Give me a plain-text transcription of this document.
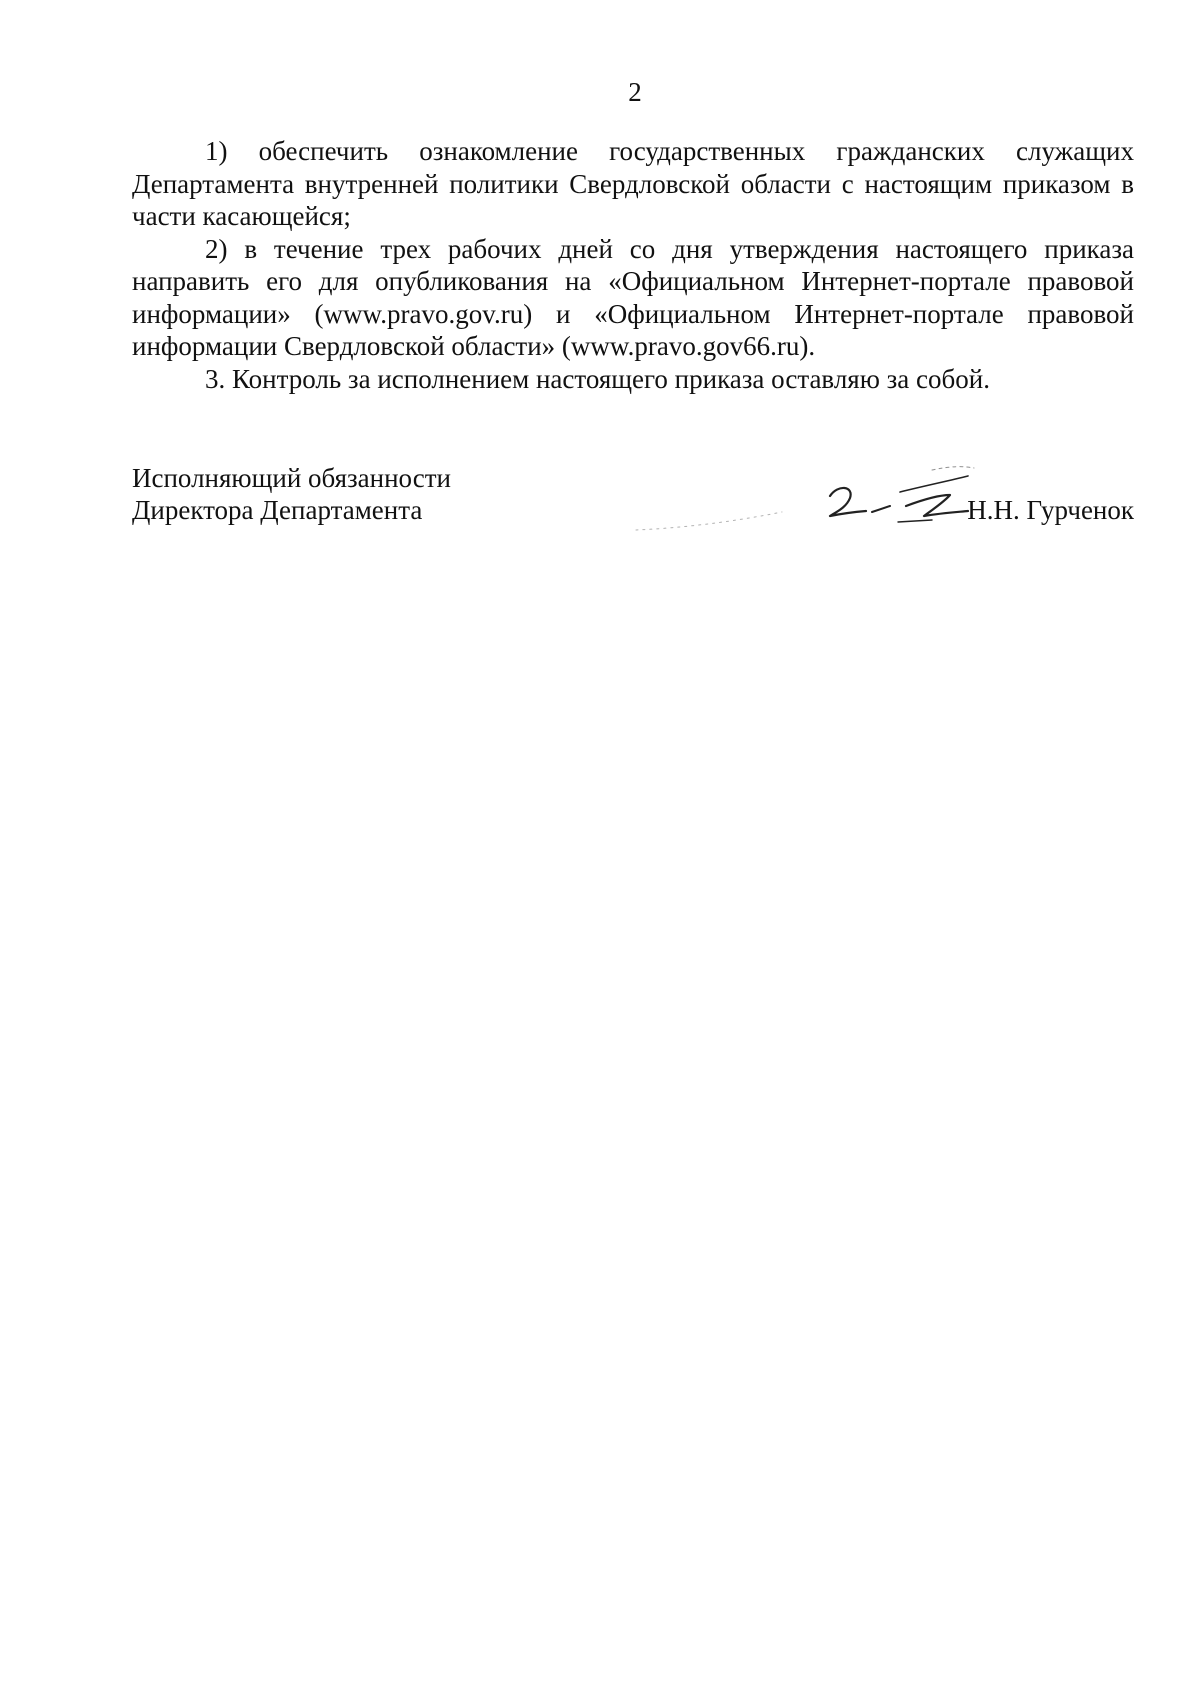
2

1) обеспечить ознакомление государственных гражданских служащих Департамента внутренней политики Свердловской области с настоящим приказом в части касающейся;

2) в течение трех рабочих дней со дня утверждения настоящего приказа направить его для опубликования на «Официальном Интернет-портале правовой информации» (www.pravo.gov.ru) и «Официальном Интернет-портале правовой информации Свердловской области» (www.pravo.gov66.ru).

3. Контроль за исполнением настоящего приказа оставляю за собой.

Исполняющий обязанности
Директора Департамента	Н.Н. Гурченок
